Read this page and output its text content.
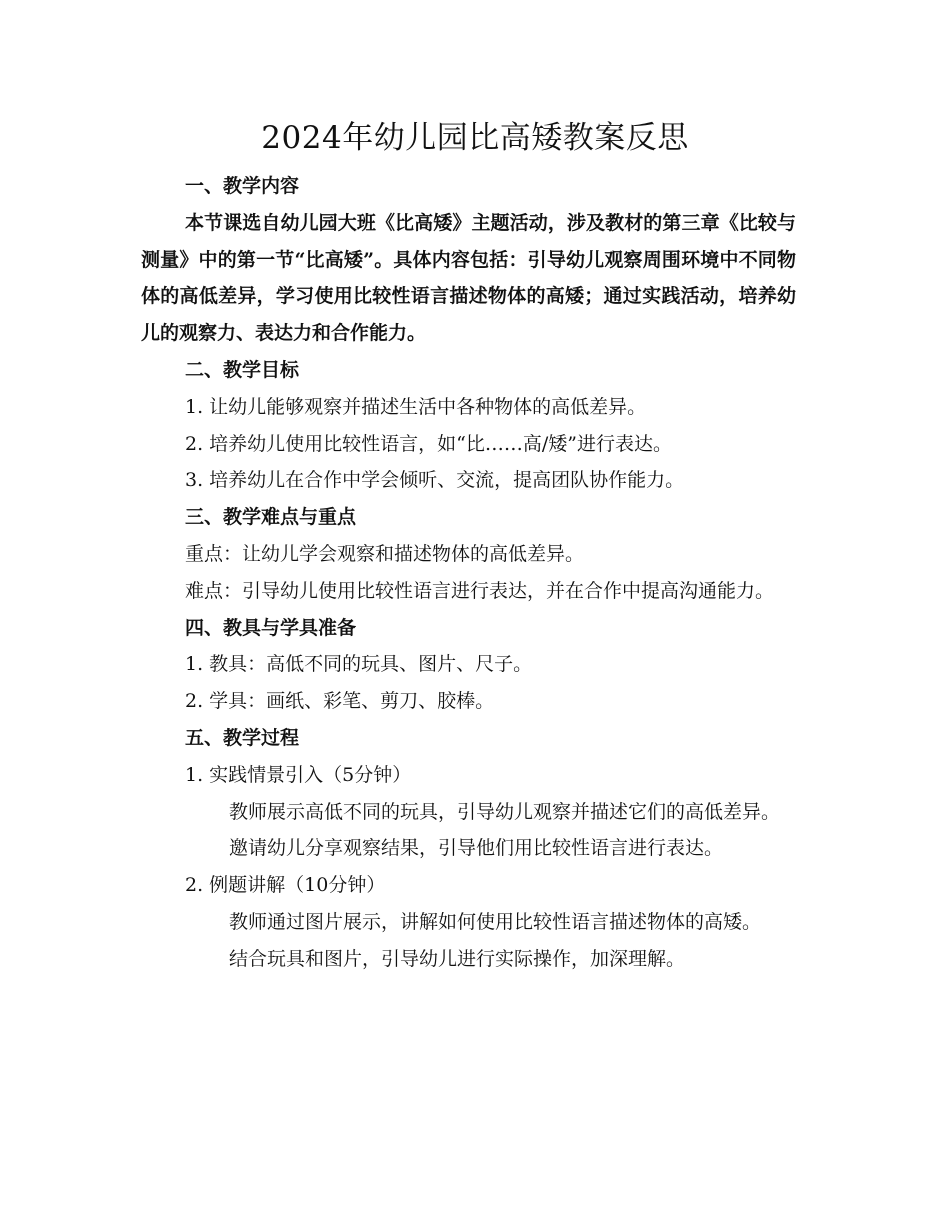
2024年幼儿园比高矮教案反思

一、教学内容

本节课选自幼儿园大班《比高矮》主题活动，涉及教材的第三章《比较与测量》中的第一节“比高矮”。具体内容包括：引导幼儿观察周围环境中不同物体的高低差异，学习使用比较性语言描述物体的高矮；通过实践活动，培养幼儿的观察力、表达力和合作能力。

二、教学目标

1. 让幼儿能够观察并描述生活中各种物体的高低差异。

2. 培养幼儿使用比较性语言，如“比……高/矮”进行表达。

3. 培养幼儿在合作中学会倾听、交流，提高团队协作能力。

三、教学难点与重点

重点：让幼儿学会观察和描述物体的高低差异。

难点：引导幼儿使用比较性语言进行表达，并在合作中提高沟通能力。

四、教具与学具准备

1. 教具：高低不同的玩具、图片、尺子。

2. 学具：画纸、彩笔、剪刀、胶棒。

五、教学过程

1. 实践情景引入（5分钟）

教师展示高低不同的玩具，引导幼儿观察并描述它们的高低差异。

邀请幼儿分享观察结果，引导他们用比较性语言进行表达。

2. 例题讲解（10分钟）

教师通过图片展示，讲解如何使用比较性语言描述物体的高矮。

结合玩具和图片，引导幼儿进行实际操作，加深理解。
